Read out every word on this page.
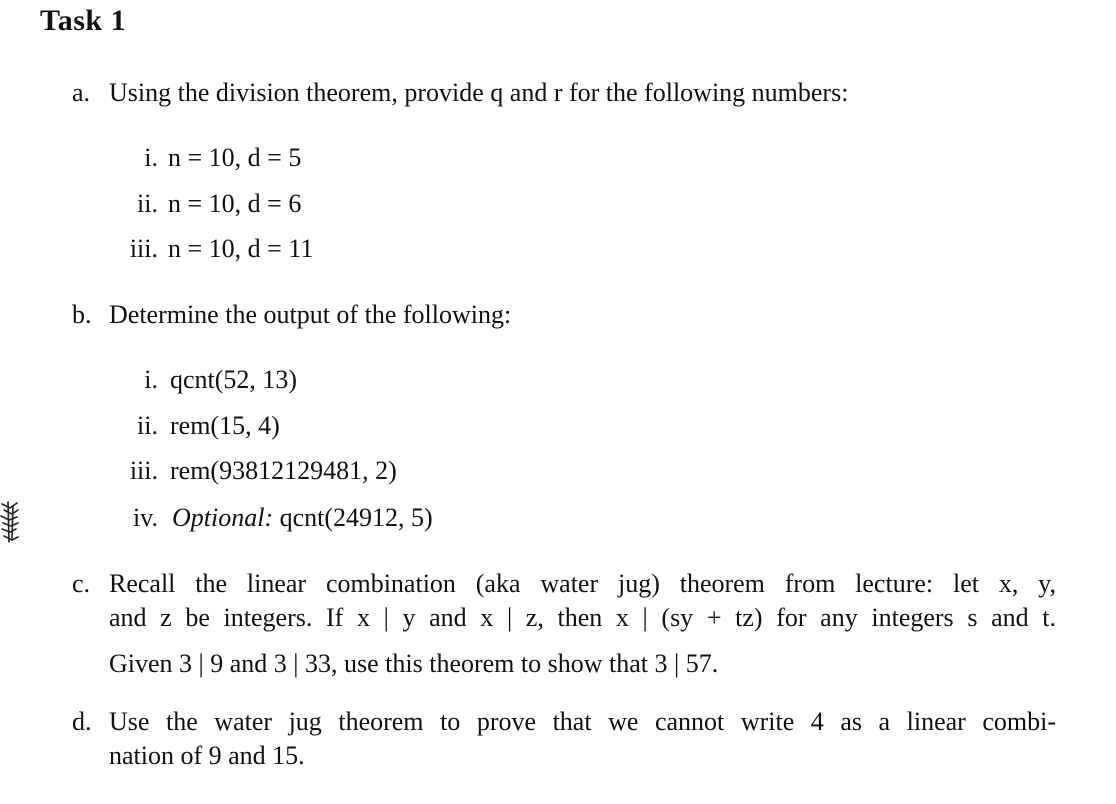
Task 1
a. Using the division theorem, provide q and r for the following numbers:
i. n = 10, d = 5
ii. n = 10, d = 6
iii. n = 10, d = 11
b. Determine the output of the following:
i. qcnt(52, 13)
ii. rem(15, 4)
iii. rem(93812129481, 2)
iv. Optional: qcnt(24912, 5)
c. Recall the linear combination (aka water jug) theorem from lecture: let x, y,
and z be integers. If x | y and x | z, then x | (sy + tz) for any integers s and t.
Given 3 | 9 and 3 | 33, use this theorem to show that 3 | 57.
d. Use the water jug theorem to prove that we cannot write 4 as a linear combi-
nation of 9 and 15.
